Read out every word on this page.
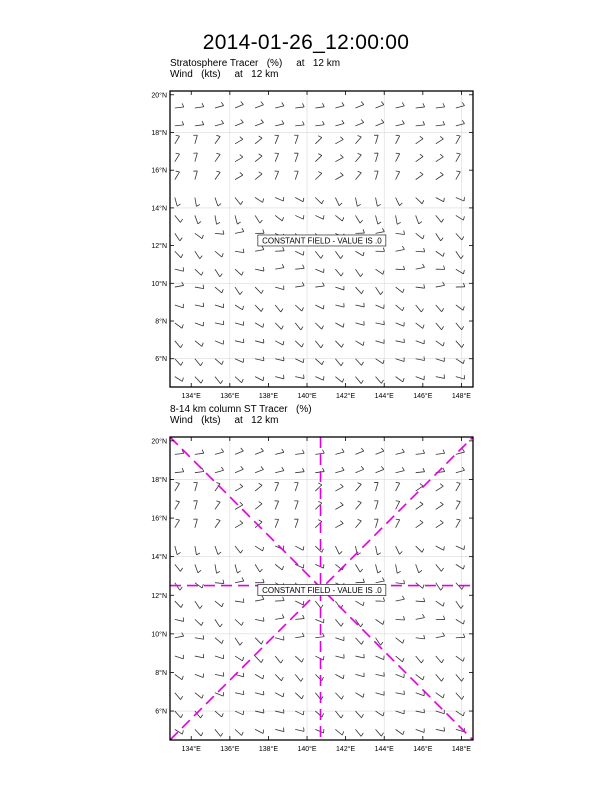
2014-01-26_12:00:00
Stratosphere Tracer (%) at   12 km
Wind (kts) at   12 km
8-14 km column ST Tracer (%)
Wind (kts) at   12 km
CONSTANT FIELD - VALUE IS .0
6°N
8°N
10°N
12°N
14°N
16°N
18°N
20°N
134°E	136°E	138°E	140°E	142°E	144°E	146°E	148°E
CONSTANT FIELD - VALUE IS .0
6°N
8°N
10°N
12°N
14°N
16°N
18°N
20°N
134°E	136°E	138°E	140°E	142°E	144°E	146°E	148°E
